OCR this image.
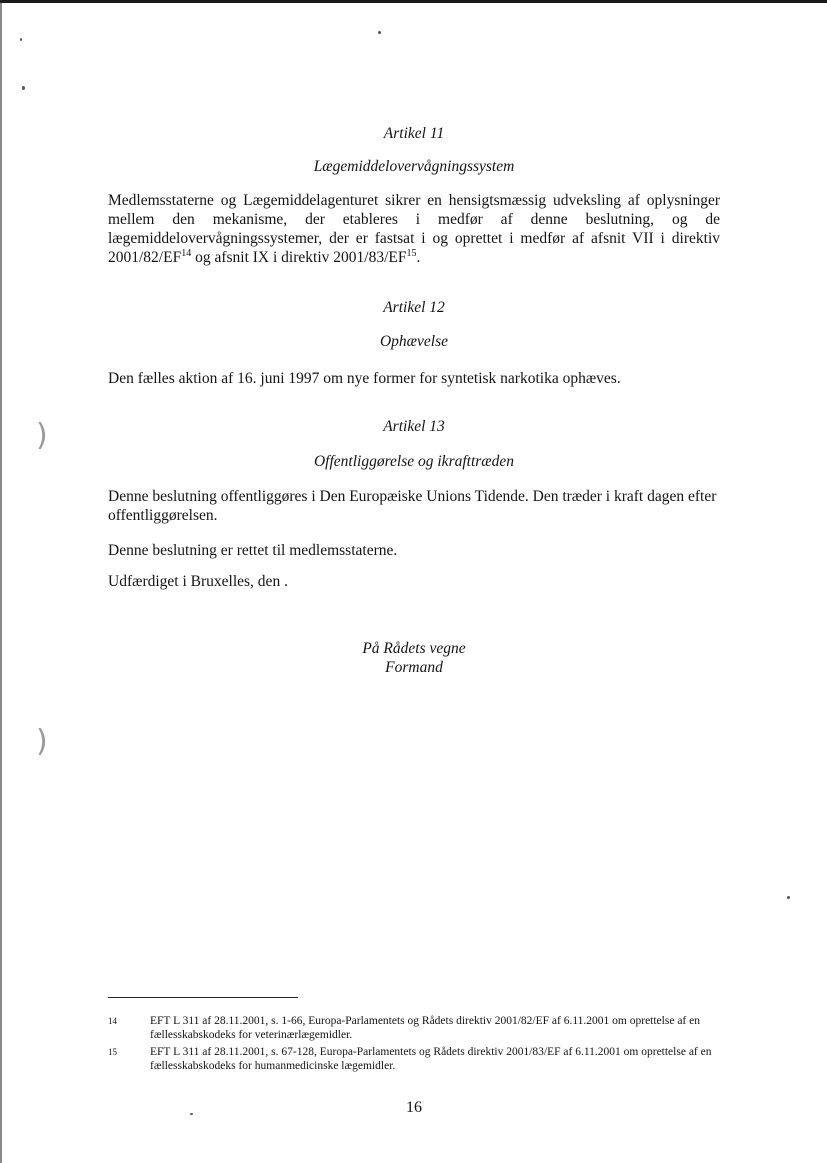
)
)
Artikel 11
Lægemiddelovervågningssystem
Medlemsstaterne og Lægemiddelagenturet sikrer en hensigtsmæssig udveksling af oplysninger mellem den mekanisme, der etableres i medfør af denne beslutning, og de lægemiddelovervågningssystemer, der er fastsat i og oprettet i medfør af afsnit VII i direktiv 2001/82/EF$^{14}$ og afsnit IX i direktiv 2001/83/EF$^{15}$.
Artikel 12
Ophævelse
Den fælles aktion af 16. juni 1997 om nye former for syntetisk narkotika ophæves.
Artikel 13
Offentliggørelse og ikrafttræden
Denne beslutning offentliggøres i Den Europæiske Unions Tidende. Den træder i kraft dagen efter offentliggørelsen.
Denne beslutning er rettet til medlemsstaterne.
Udfærdiget i Bruxelles, den .
På Rådets vegne
Formand
14	EFT L 311 af 28.11.2001, s. 1-66, Europa-Parlamentets og Rådets direktiv 2001/82/EF af 6.11.2001 om oprettelse af en fællesskabskodeks for veterinærlægemidler.
15	EFT L 311 af 28.11.2001, s. 67-128, Europa-Parlamentets og Rådets direktiv 2001/83/EF af 6.11.2001 om oprettelse af en fællesskabskodeks for humanmedicinske lægemidler.
16
